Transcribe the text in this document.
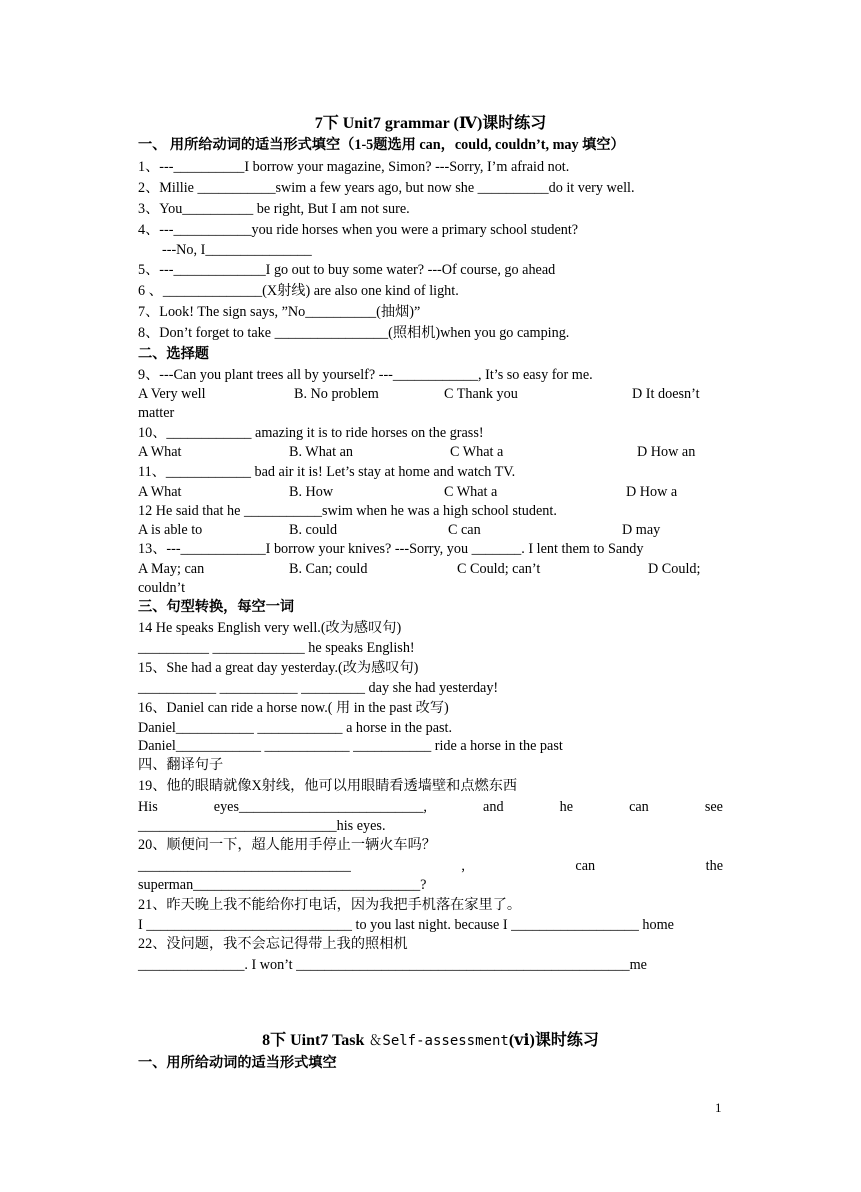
7下 Unit7 grammar (Ⅳ)课时练习
一、 用所给动词的适当形式填空（1-5题选用 can，could, couldn’t, may 填空）
1、---__________I borrow your magazine, Simon? ---Sorry, I’m afraid not.
2、Millie ___________swim a few years ago, but now she __________do it very well.
3、You__________ be right, But I am not sure.
4、---___________you ride horses when you were a primary school student?
---No, I_______________
5、---_____________I go out to buy some water? ---Of course, go ahead
6 、______________(X射线) are also one kind of light.
7、Look! The sign says, ”No__________(抽烟)”
8、Don’t forget to take ________________(照相机)when you go camping.
二、选择题
9、---Can you plant trees all by yourself? ---____________, It’s so easy for me.
A Very well	B. No problem	C Thank you	D It doesn’t
matter
10、____________ amazing it is to ride horses on the grass!
A What	B. What an	C What a	D How an
11、____________ bad air it is! Let’s stay at home and watch TV.
A What	B. How	C What a	D How a
12 He said that he ___________swim when he was a high school student.
A is able to	B. could	C can	D may
13、---____________I borrow your knives? ---Sorry, you _______. I lent them to Sandy
A May; can	B. Can; could	C Could; can’t	D Could;
couldn’t
三、句型转换，每空一词
14 He speaks English very well.(改为感叹句)
__________ _____________ he speaks English!
15、She had a great day yesterday.(改为感叹句)
___________ ___________ _________ day she had yesterday!
16、Daniel can ride a horse now.( 用 in the past 改写)
Daniel___________ ____________ a horse in the past.
Daniel____________ ____________ ___________ ride a horse in the past
四、翻译句子
19、他的眼睛就像X射线，他可以用眼睛看透墙壁和点燃东西
His	eyes__________________________,	and	he	can	see
____________________________his eyes.
20、顺便问一下，超人能用手停止一辆火车吗？
______________________________	,	can	the
superman________________________________?
21、昨天晚上我不能给你打电话，因为我把手机落在家里了。
I _____________________________ to you last night. because I __________________ home
22、没问题，我不会忘记得带上我的照相机
_______________. I won’t _______________________________________________me
8下 Uint7 Task ＆Self-assessment(ⅵ)课时练习
一、用所给动词的适当形式填空
1
